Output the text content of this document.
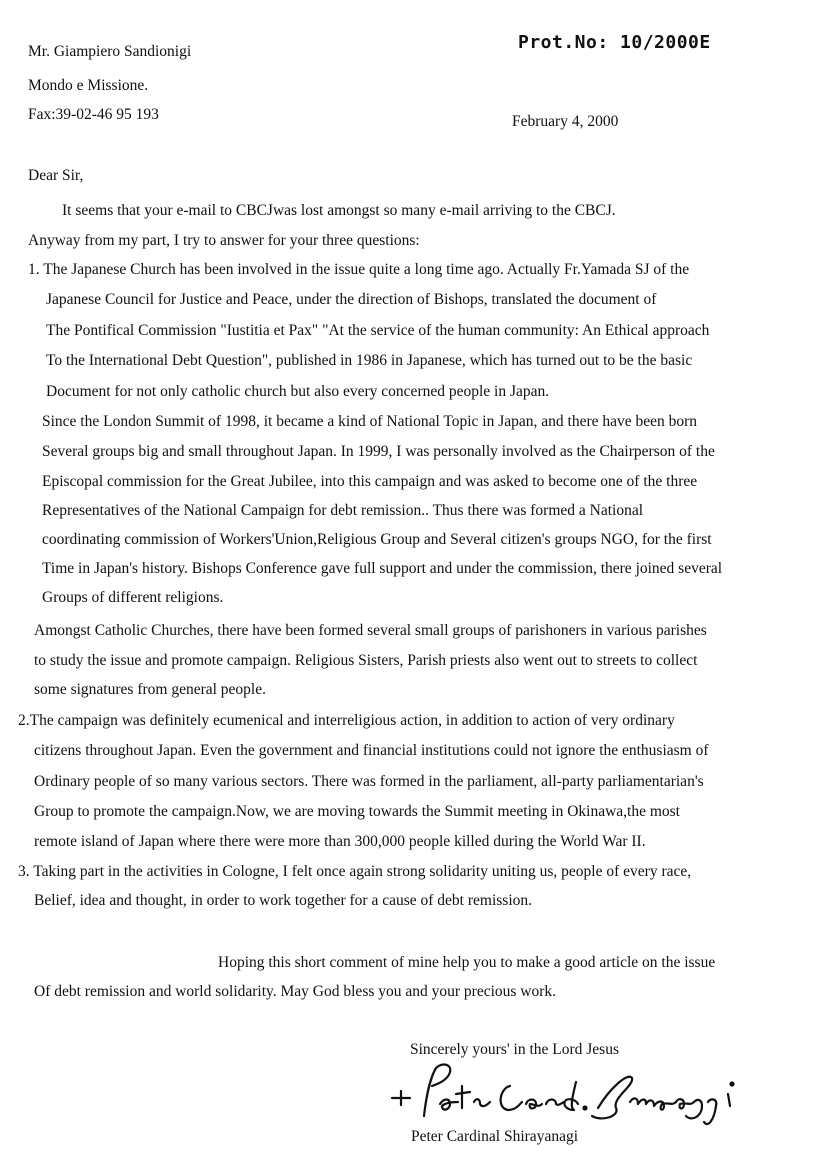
Prot.No: 10/2000E
Mr. Giampiero Sandionigi
Mondo e Missione.
Fax:39-02-46 95 193	February 4, 2000
Dear Sir,
It seems that your e-mail to CBCJwas lost amongst so many e-mail arriving to the CBCJ.
Anyway from my part, I try to answer for your three questions:
1. The Japanese Church has been involved in the issue quite a long time ago. Actually Fr.Yamada SJ of the
Japanese Council for Justice and Peace, under the direction of Bishops, translated the document of
The Pontifical Commission "Iustitia et Pax" "At the service of the human community: An Ethical approach
To the International Debt Question", published in 1986 in Japanese, which has turned out to be the basic
Document for not only catholic church but also every concerned people in Japan.
Since the London Summit of 1998, it became a kind of National Topic in Japan, and there have been born
Several groups big and small throughout Japan. In 1999, I was personally involved as the Chairperson of the
Episcopal commission for the Great Jubilee, into this campaign and was asked to become one of the three
Representatives of the National Campaign for debt remission.. Thus there was formed a National
coordinating commission of Workers'Union,Religious Group and Several citizen's groups NGO, for the first
Time in Japan's history. Bishops Conference gave full support and under the commission, there joined several
Groups of different religions.
Amongst Catholic Churches, there have been formed several small groups of parishoners in various parishes
to study the issue and promote campaign. Religious Sisters, Parish priests also went out to streets to collect
some signatures from general people.
2.The campaign was definitely ecumenical and interreligious action, in addition to action of very ordinary
citizens throughout Japan. Even the government and financial institutions could not ignore the enthusiasm of
Ordinary people of so many various sectors. There was formed in the parliament, all-party parliamentarian's
Group to promote the campaign.Now, we are moving towards the Summit meeting in Okinawa,the most
remote island of Japan where there were more than 300,000 people killed during the World War II.
3. Taking part in the activities in Cologne, I felt once again strong solidarity uniting us, people of every race,
Belief, idea and thought, in order to work together for a cause of debt remission.
Hoping this short comment of mine help you to make a good article on the issue
Of debt remission and world solidarity. May God bless you and your precious work.
Sincerely yours' in the Lord Jesus
+ Peter Card. Shirayanagi
Peter Cardinal Shirayanagi
